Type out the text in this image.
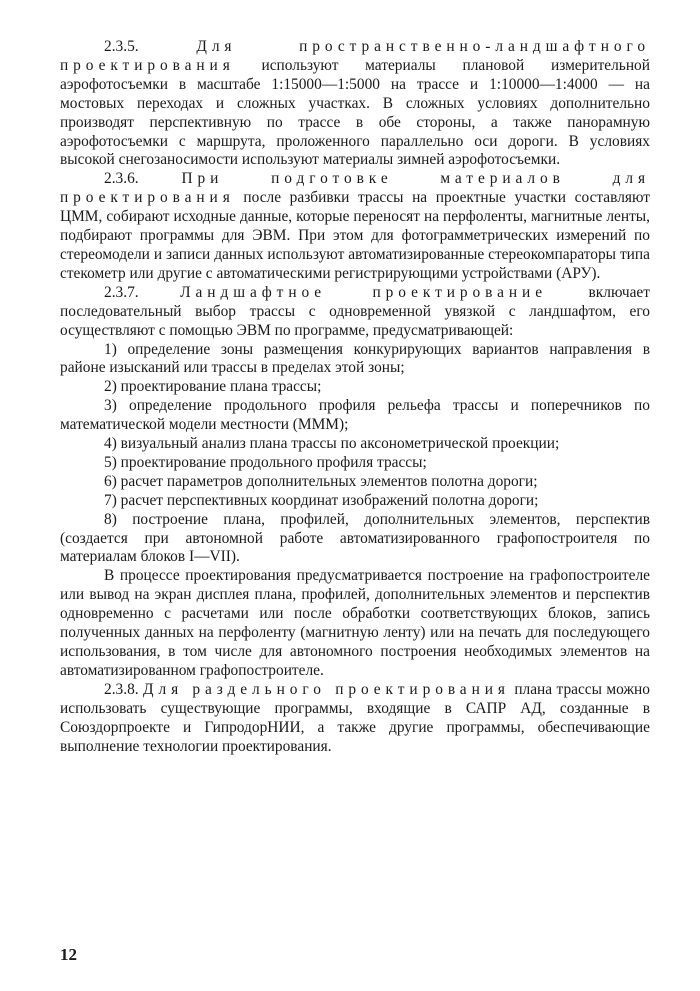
2.3.5.	Для пространственно-ландшафтного проектирования используют материалы плановой измерительной аэрофотосъемки в масштабе 1:15000—1:5000 на трассе и 1:10000—1:4000 — на мостовых переходах и сложных участках. В сложных условиях дополнительно производят перспективную по трассе в обе стороны, а также панорамную аэрофотосъемки с маршрута, проложенного параллельно оси дороги. В условиях высокой снегозаносимости используют материалы зимней аэрофотосъемки.

2.3.6.	При подготовке материалов для проектирования после разбивки трассы на проектные участки составляют ЦММ, собирают исходные данные, которые переносят на перфоленты, магнитные ленты, подбирают программы для ЭВМ. При этом для фотограмметрических измерений по стереомодели и записи данных используют автоматизированные стереокомпараторы типа стекометр или другие с автоматическими регистрирующими устройствами (АРУ).

2.3.7.	Ландшафтное проектирование	включает последовательный выбор трассы с одновременной увязкой с ландшафтом, его осуществляют с помощью ЭВМ по программе, предусматривающей:

1) определение зоны размещения конкурирующих вариантов направления в районе изысканий или трассы в пределах этой зоны;

2) проектирование плана трассы;

3) определение продольного профиля рельефа трассы и поперечников по математической модели местности (МММ);

4) визуальный анализ плана трассы по аксонометрической проекции;

5) проектирование продольного профиля трассы;

6) расчет параметров дополнительных элементов полотна дороги;

7) расчет перспективных координат изображений полотна дороги;

8) построение плана, профилей, дополнительных элементов, перспектив (создается при автономной работе автоматизированного графопостроителя по материалам блоков I—VII).

В процессе проектирования предусматривается построение на графопостроителе или вывод на экран дисплея плана, профилей, дополнительных элементов и перспектив одновременно с расчетами или после обработки соответствующих блоков, запись полученных данных на перфоленту (магнитную ленту) или на печать для последующего использования, в том числе для автономного построения необходимых элементов на автоматизированном графопостроителе.

2.3.8. Для раздельного проектирования плана трассы можно использовать существующие программы, входящие в САПР АД, созданные в Союздорпроекте и ГипродорНИИ, а также другие программы, обеспечивающие выполнение технологии проектирования.

12
